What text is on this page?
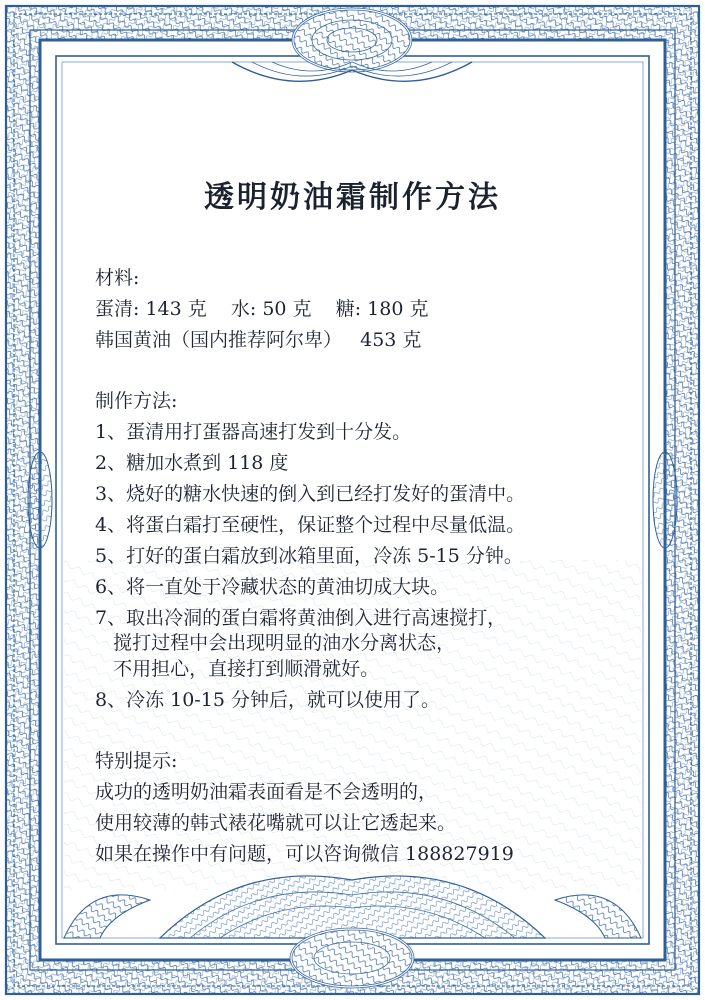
透明奶油霜制作方法
材料:
蛋清: 143 克    水: 50 克    糖: 180 克
韩国黄油（国内推荐阿尔卑）   453 克
制作方法:
1、蛋清用打蛋器高速打发到十分发。
2、糖加水煮到 118 度
3、烧好的糖水快速的倒入到已经打发好的蛋清中。
4、将蛋白霜打至硬性，保证整个过程中尽量低温。
5、打好的蛋白霜放到冰箱里面，冷冻 5-15 分钟。
6、将一直处于冷藏状态的黄油切成大块。
7、取出冷洞的蛋白霜将黄油倒入进行高速搅打，
搅打过程中会出现明显的油水分离状态，
不用担心，直接打到顺滑就好。
8、冷冻 10-15 分钟后，就可以使用了。
特别提示:
成功的透明奶油霜表面看是不会透明的，
使用较薄的韩式裱花嘴就可以让它透起来。
如果在操作中有问题，可以咨询微信 188827919
